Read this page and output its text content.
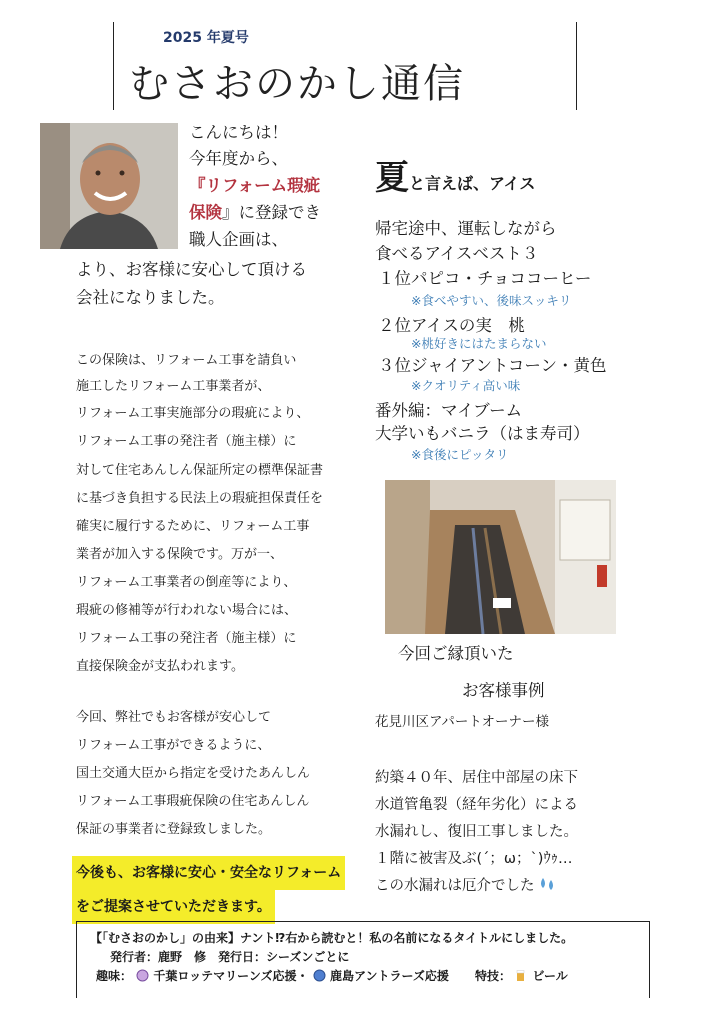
2025 年夏号
むさおのかし通信
こんにちは！
今年度から、
『リフォーム瑕疵
保険』に登録でき
職人企画は、
より、お客様に安心して頂ける
会社になりました。
この保険は、リフォーム工事を請負い
施工したリフォーム工事業者が、
リフォーム工事実施部分の瑕疵により、
リフォーム工事の発注者（施主様）に
対して住宅あんしん保証所定の標準保証書
に基づき負担する民法上の瑕疵担保責任を
確実に履行するために、リフォーム工事
業者が加入する保険です。万が一、
リフォーム工事業者の倒産等により、
瑕疵の修補等が行われない場合には、
リフォーム工事の発注者（施主様）に
直接保険金が支払われます。
今回、弊社でもお客様が安心して
リフォーム工事ができるように、
国土交通大臣から指定を受けたあんしん
リフォーム工事瑕疵保険の住宅あんしん
保証の事業者に登録致しました。
今後も、お客様に安心・安全なリフォーム
をご提案させていただきます。
夏と言えば、アイス
帰宅途中、運転しながら
食べるアイスベスト３
１位パピコ・チョココーヒー
※食べやすい、後味スッキリ
２位アイスの実　桃
※桃好きにはたまらない
３位ジャイアントコーン・黄色
※クオリティ高い味
番外編：マイブーム
大学いもバニラ（はま寿司）
※食後にピッタリ
今回ご縁頂いた
お客様事例
花見川区アパートオーナー様
約築４０年、居住中部屋の床下
水道管亀裂（経年劣化）による
水漏れし、復旧工事しました。
１階に被害及ぶ(´；ω；`)ｳｩ…
この水漏れは厄介でした
【「むさおのかし」の由来】ナント⁉右から読むと！私の名前になるタイトルにしました。
発行者：鹿野　修　発行日：シーズンごとに
趣味： 千葉ロッテマリーンズ応援・ 鹿島アントラーズ応援 特技： ビール
